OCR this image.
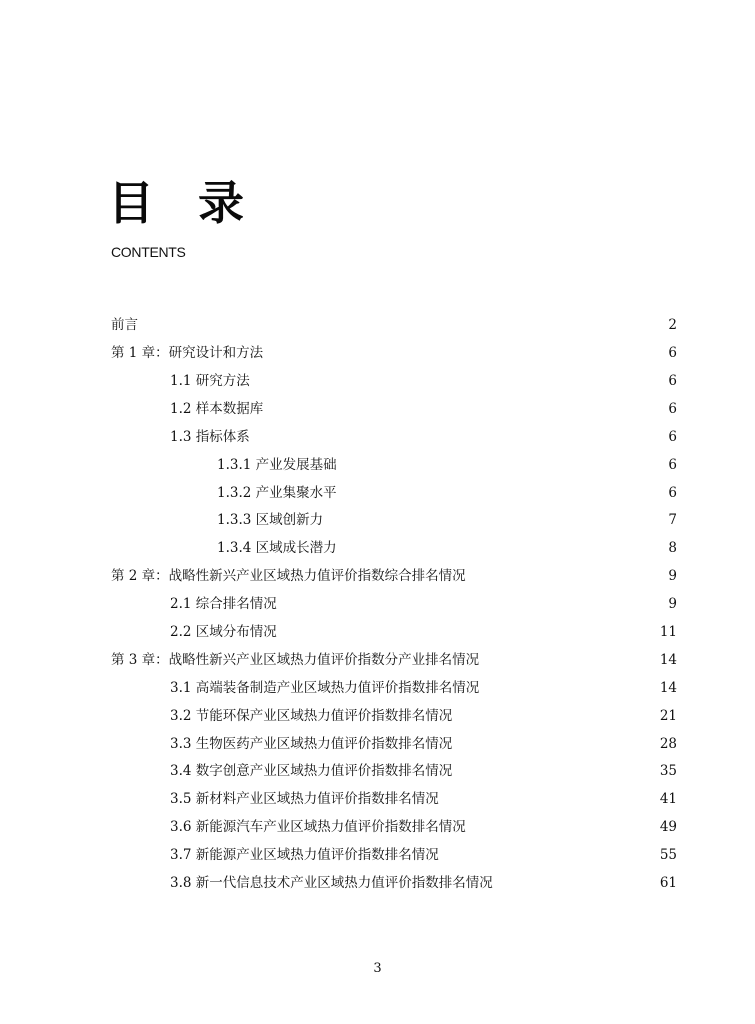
目 录
CONTENTS
前言	2
第 1 章：研究设计和方法	6
1.1 研究方法	6
1.2 样本数据库	6
1.3 指标体系	6
1.3.1 产业发展基础	6
1.3.2 产业集聚水平	6
1.3.3 区域创新力	7
1.3.4 区域成长潜力	8
第 2 章：战略性新兴产业区域热力值评价指数综合排名情况	9
2.1 综合排名情况	9
2.2 区域分布情况	11
第 3 章：战略性新兴产业区域热力值评价指数分产业排名情况	14
3.1 高端装备制造产业区域热力值评价指数排名情况	14
3.2 节能环保产业区域热力值评价指数排名情况	21
3.3 生物医药产业区域热力值评价指数排名情况	28
3.4 数字创意产业区域热力值评价指数排名情况	35
3.5 新材料产业区域热力值评价指数排名情况	41
3.6 新能源汽车产业区域热力值评价指数排名情况	49
3.7 新能源产业区域热力值评价指数排名情况	55
3.8 新一代信息技术产业区域热力值评价指数排名情况	61
3
